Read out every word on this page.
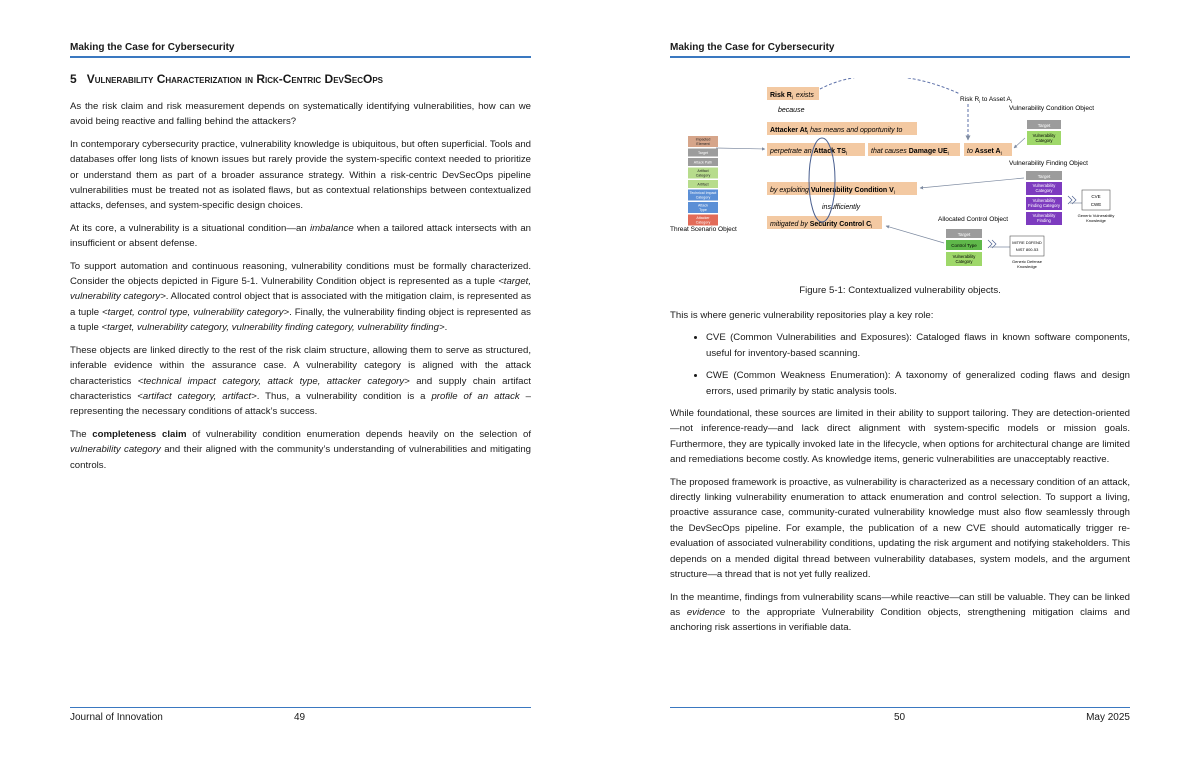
Making the Case for Cybersecurity
5 Vulnerability Characterization in Rick-Centric DevSecOps

As the risk claim and risk measurement depends on systematically identifying vulnerabilities, how can we avoid being reactive and falling behind the attackers?

In contemporary cybersecurity practice, vulnerability knowledge is ubiquitous, but often superficial. Tools and databases offer long lists of known issues but rarely provide the system-specific context needed to prioritize or understand them as part of a broader assurance strategy. Within a risk-centric DevSecOps pipeline vulnerabilities must be treated not as isolated flaws, but as contextual relationships between contextualized attacks, defenses, and system-specific design choices.

At its core, a vulnerability is a situational condition—an imbalance when a tailored attack intersects with an insufficient or absent defense.

To support automation and continuous reasoning, vulnerability conditions must be formally characterized. Consider the objects depicted in Figure 5-1. Vulnerability Condition object is represented as a tuple <target, vulnerability category>. Allocated control object that is associated with the mitigation claim, is represented as a tuple <target, control type, vulnerability category>. Finally, the vulnerability finding object is represented as a tuple <target, vulnerability category, vulnerability finding category, vulnerability finding>.

These objects are linked directly to the rest of the risk claim structure, allowing them to serve as structured, inferable evidence within the assurance case. A vulnerability category is aligned with the attack characteristics <technical impact category, attack type, attacker category> and supply chain artifact characteristics <artifact category, artifact>. Thus, a vulnerability condition is a profile of an attack – representing the necessary conditions of attack’s success.

The completeness claim of vulnerability condition enumeration depends heavily on the selection of vulnerability category and their aligned with the community’s understanding of vulnerabilities and mitigating controls.

Journal of Innovation	49
Making the Case for Cybersecurity
Impacted
Element
Target
Attack Path
Artifact
Category
Artifact
Technical Impact
Category
Attack
Type
Attacker
Category
Threat Scenario Object
Risk $R_i$ exists
because
Risk $R_i$ to Asset $A_i$
Attacker $At_i$ has means and opportunity to
perpetrate an Attack $TS_i$	that causes Damage $UE_i$	to Asset $A_i$
by exploiting Vulnerability Condition $V_i$
insufficiently
mitigated by Security Control $C_i$
Vulnerability Condition Object
Target
Vulnerability
Category
Vulnerability Finding Object
Target
Vulnerability
Category
Vulnerability
Finding Category
Vulnerability
Finding
CVE
CWE
Generic Vulnerability
Knowledge
Allocated Control Object
Target
Control Type
Vulnerability
Category
MITRE D3FEND
NIST 800-53
Generic Defense
Knowledge
Figure 5-1: Contextualized vulnerability objects.

This is where generic vulnerability repositories play a key role:

• CVE (Common Vulnerabilities and Exposures): Cataloged flaws in known software components, useful for inventory-based scanning.
• CWE (Common Weakness Enumeration): A taxonomy of generalized coding flaws and design errors, used primarily by static analysis tools.

While foundational, these sources are limited in their ability to support tailoring. They are detection-oriented—not inference-ready—and lack direct alignment with system-specific models or mission goals. Furthermore, they are typically invoked late in the lifecycle, when options for architectural change are limited and remediations become costly. As knowledge items, generic vulnerabilities are unacceptably reactive.

The proposed framework is proactive, as vulnerability is characterized as a necessary condition of an attack, directly linking vulnerability enumeration to attack enumeration and control selection. To support a living, proactive assurance case, community-curated vulnerability knowledge must also flow seamlessly through the DevSecOps pipeline. For example, the publication of a new CVE should automatically trigger re-evaluation of associated vulnerability conditions, updating the risk argument and notifying stakeholders. This depends on a mended digital thread between vulnerability databases, system models, and the argument structure—a thread that is not yet fully realized.

In the meantime, findings from vulnerability scans—while reactive—can still be valuable. They can be linked as evidence to the appropriate Vulnerability Condition objects, strengthening mitigation claims and anchoring risk assertions in verifiable data.

50	May 2025
